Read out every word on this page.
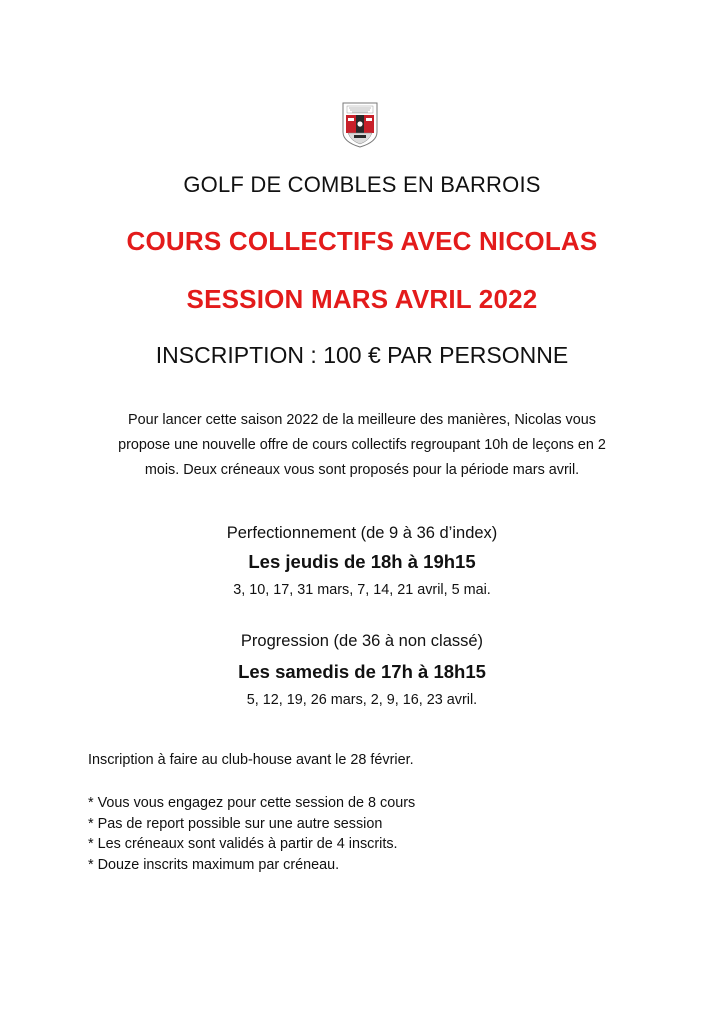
GOLF DE COMBLES EN BARROIS
COURS COLLECTIFS AVEC NICOLAS
SESSION MARS AVRIL 2022
INSCRIPTION : 100 € PAR PERSONNE
Pour lancer cette saison 2022 de la meilleure des manières, Nicolas vous
propose une nouvelle offre de cours collectifs regroupant 10h de leçons en 2
mois. Deux créneaux vous sont proposés pour la période mars avril.
Perfectionnement (de 9 à 36 d’index)
Les jeudis de 18h à 19h15
3, 10, 17, 31 mars, 7, 14, 21 avril, 5 mai.
Progression (de 36 à non classé)
Les samedis de 17h à 18h15
5, 12, 19, 26 mars, 2, 9, 16, 23 avril.
Inscription à faire au club-house avant le 28 février.
* Vous vous engagez pour cette session de 8 cours
* Pas de report possible sur une autre session
* Les créneaux sont validés à partir de 4 inscrits.
* Douze inscrits maximum par créneau.
